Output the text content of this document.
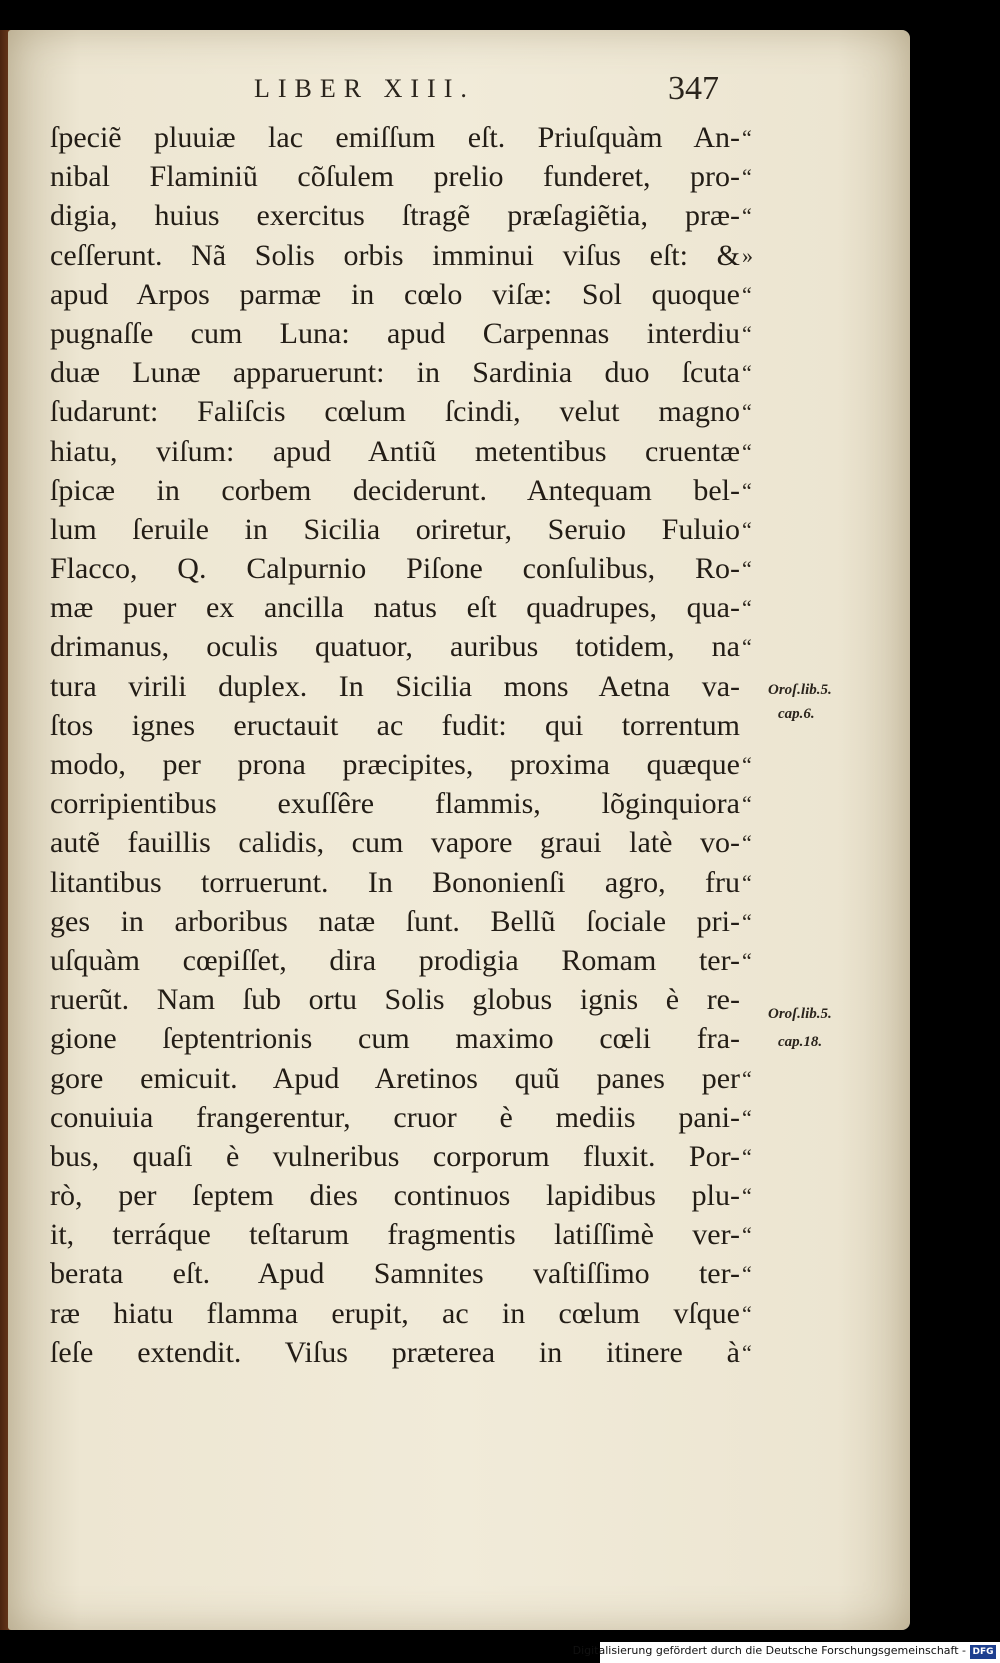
LIBER XIII.	347
ſpeciẽ pluuiæ lac emiſſum eſt. Priuſquàm An-
nibal Flaminiũ cõſulem prelio funderet, pro-
digia, huius exercitus ſtragẽ præſagiẽtia, præ-
ceſſerunt. Nã Solis orbis imminui viſus eſt: &
apud Arpos parmæ in cœlo viſæ: Sol quoque
pugnaſſe cum Luna: apud Carpennas interdiu
duæ Lunæ apparuerunt: in Sardinia duo ſcuta
ſudarunt: Faliſcis cœlum ſcindi, velut magno
hiatu, viſum: apud Antiũ metentibus cruentæ
ſpicæ in corbem deciderunt. Antequam bel-
lum ſeruile in Sicilia oriretur, Seruio Fuluio
Flacco, Q. Calpurnio Piſone conſulibus, Ro-
mæ puer ex ancilla natus eſt quadrupes, qua-
drimanus, oculis quatuor, auribus totidem, na
tura virili duplex. In Sicilia mons Aetna va-
ſtos ignes eructauit ac fudit: qui torrentum
modo, per prona præcipites, proxima quæque
corripientibus exuſſêre flammis, lõginquiora
autẽ fauillis calidis, cum vapore graui latè vo-
litantibus torruerunt. In Bononienſi agro, fru
ges in arboribus natæ ſunt. Bellũ ſociale pri-
uſquàm cœpiſſet, dira prodigia Romam ter-
ruerũt. Nam ſub ortu Solis globus ignis è re-
gione ſeptentrionis cum maximo cœli fra-
gore emicuit. Apud Aretinos quũ panes per
conuiuia frangerentur, cruor è mediis pani-
bus, quaſi è vulneribus corporum fluxit. Por-
rò, per ſeptem dies continuos lapidibus plu-
it, terráque teſtarum fragmentis latiſſimè ver-
berata eſt. Apud Samnites vaſtiſſimo ter-
ræ hiatu flamma erupit, ac in cœlum vſque
ſeſe extendit. Viſus præterea in itinere à
“
“
“
»
“
“
“
“
“
“
“
“
“
“
“
“
“
“
“
“
“
“
“
“
“
“
“
“
Oroſ.lib.5.
cap.6.
Oroſ.lib.5.
cap.18.
Digitalisierung gefördert durch die Deutsche Forschungsgemeinschaft - DFG
